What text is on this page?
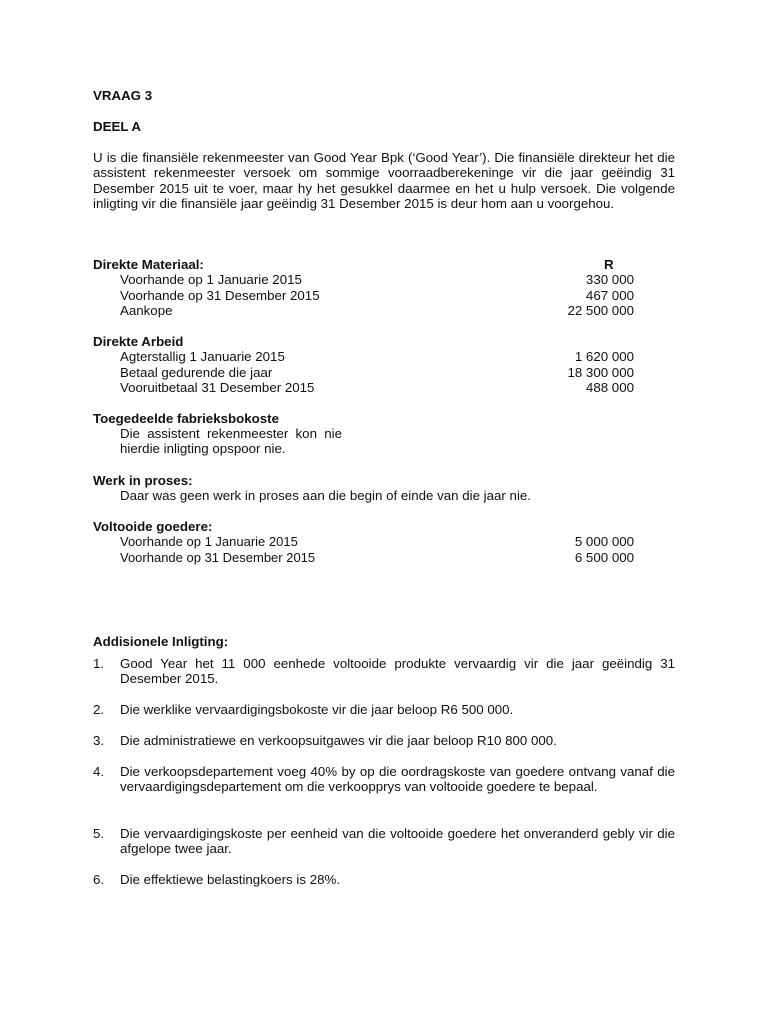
VRAAG 3
DEEL A
U is die finansiële rekenmeester van Good Year Bpk (‘Good Year’). Die finansiële direkteur het die assistent rekenmeester versoek om sommige voorraadberekeninge vir die jaar geëindig 31 Desember 2015 uit te voer, maar hy het gesukkel daarmee en het u hulp versoek. Die volgende inligting vir die finansiële jaar geëindig 31 Desember 2015 is deur hom aan u voorgehou.
Direkte Materiaal:	R
Voorhande op 1 Januarie 2015	330 000
Voorhande op 31 Desember 2015	467 000
Aankope	22 500 000
Direkte Arbeid
Agterstallig 1 Januarie 2015	1 620 000
Betaal gedurende die jaar	18 300 000
Vooruitbetaal 31 Desember 2015	488 000
Toegedeelde fabrieksbokoste
Die assistent rekenmeester kon nie hierdie inligting opspoor nie.
Werk in proses:
Daar was geen werk in proses aan die begin of einde van die jaar nie.
Voltooide goedere:
Voorhande op 1 Januarie 2015	5 000 000
Voorhande op 31 Desember 2015	6 500 000
Addisionele Inligting:
1. Good Year het 11 000 eenhede voltooide produkte vervaardig vir die jaar geëindig 31 Desember 2015.
2. Die werklike vervaardigingsbokoste vir die jaar beloop R6 500 000.
3. Die administratiewe en verkoopsuitgawes vir die jaar beloop R10 800 000.
4. Die verkoopsdepartement voeg 40% by op die oordragskoste van goedere ontvang vanaf die vervaardigingsdepartement om die verkoopprys van voltooide goedere te bepaal.
5. Die vervaardigingskoste per eenheid van die voltooide goedere het onveranderd gebly vir die afgelope twee jaar.
6. Die effektiewe belastingkoers is 28%.
